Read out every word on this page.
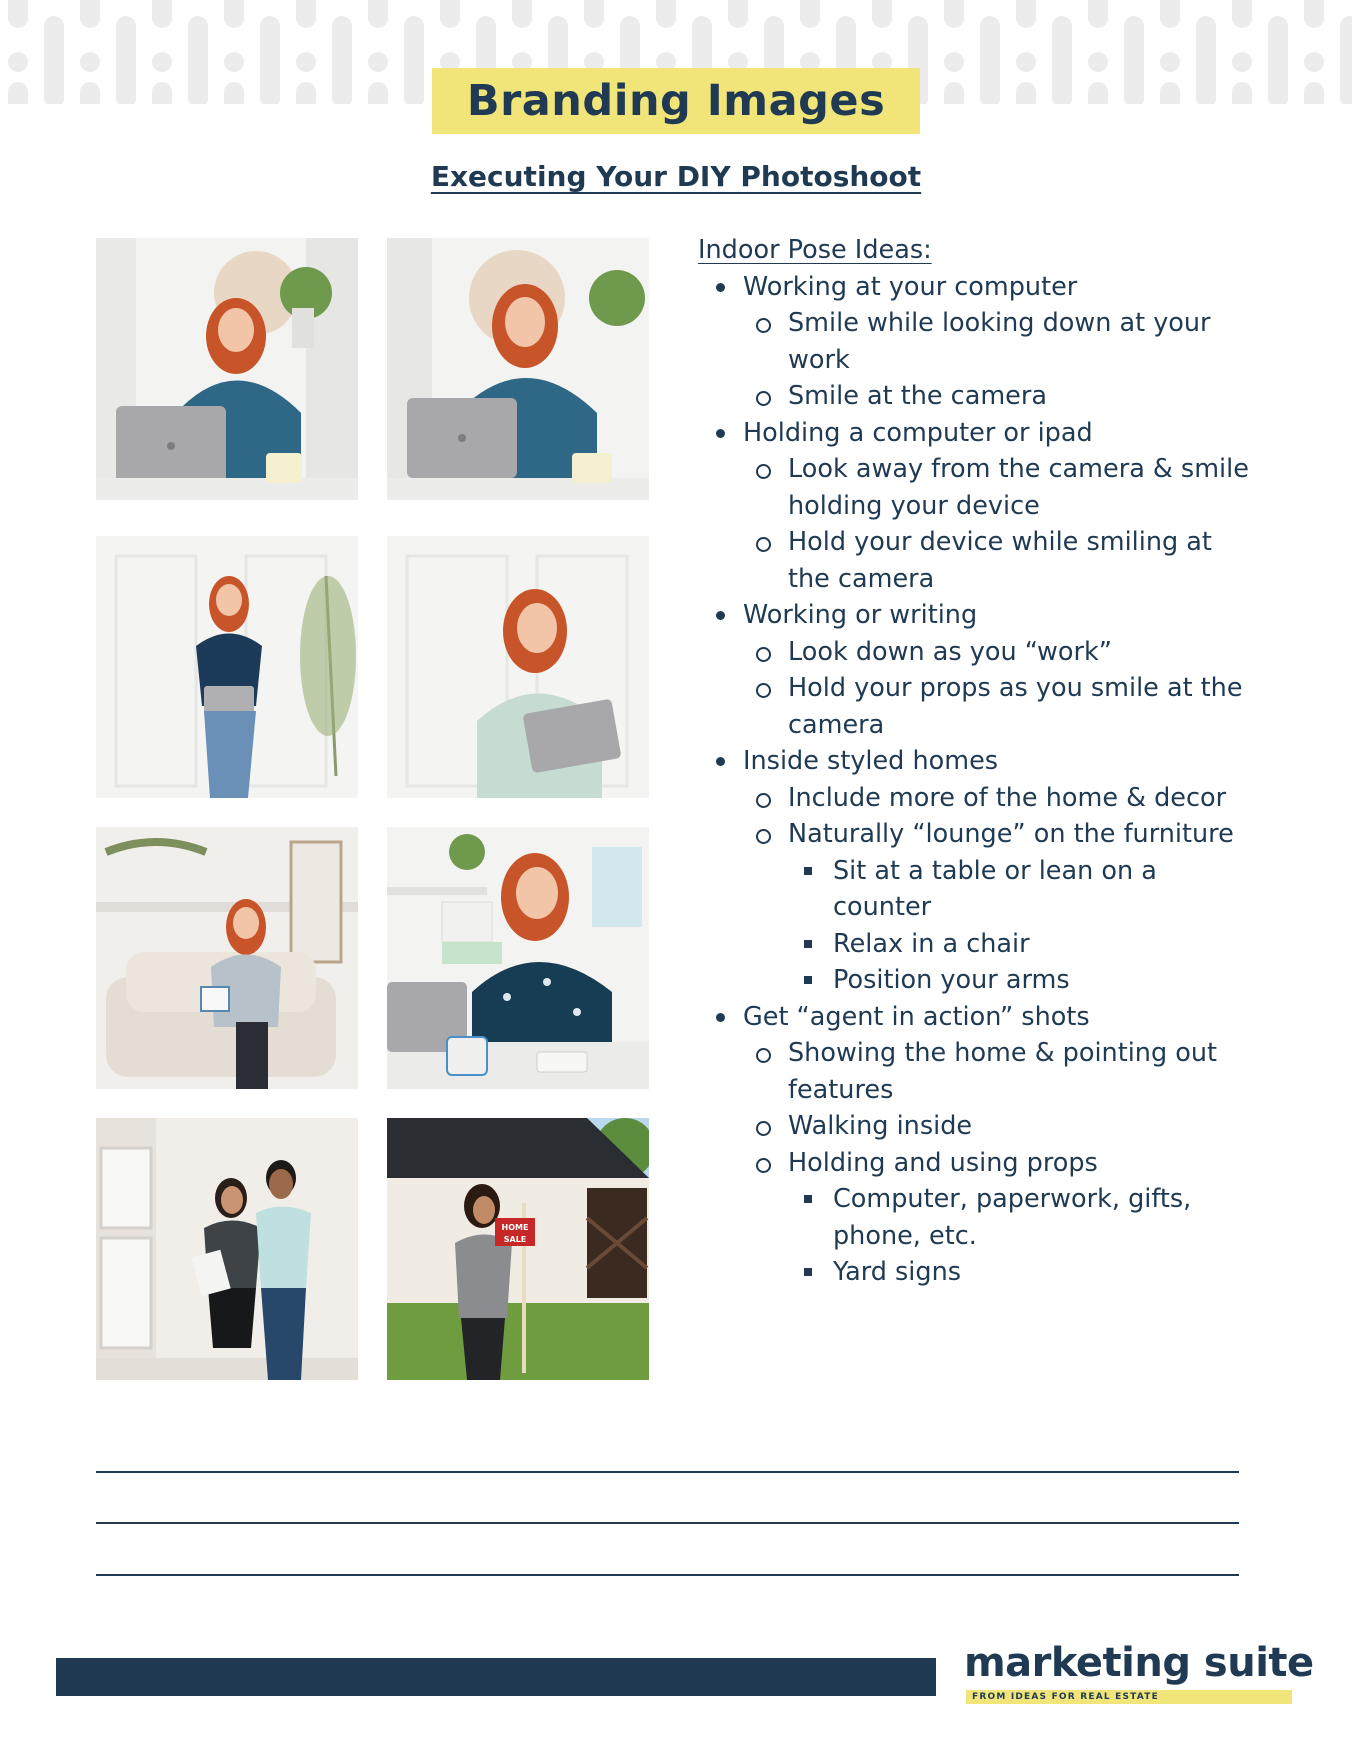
Branding Images
Executing Your DIY Photoshoot
HOME
SALE
Indoor Pose Ideas:
Working at your computer
Smile while looking down at your work
Smile at the camera
Holding a computer or ipad
Look away from the camera & smile holding your device
Hold your device while smiling at the camera
Working or writing
Look down as you “work”
Hold your props as you smile at the camera
Inside styled homes
Include more of the home & decor
Naturally “lounge” on the furniture
Sit at a table or lean on a counter
Relax in a chair
Position your arms
Get “agent in action” shots
Showing the home & pointing out features
Walking inside
Holding and using props
Computer, paperwork, gifts, phone, etc.
Yard signs
FROM IDEAS FOR REAL ESTATE
marketing suite
